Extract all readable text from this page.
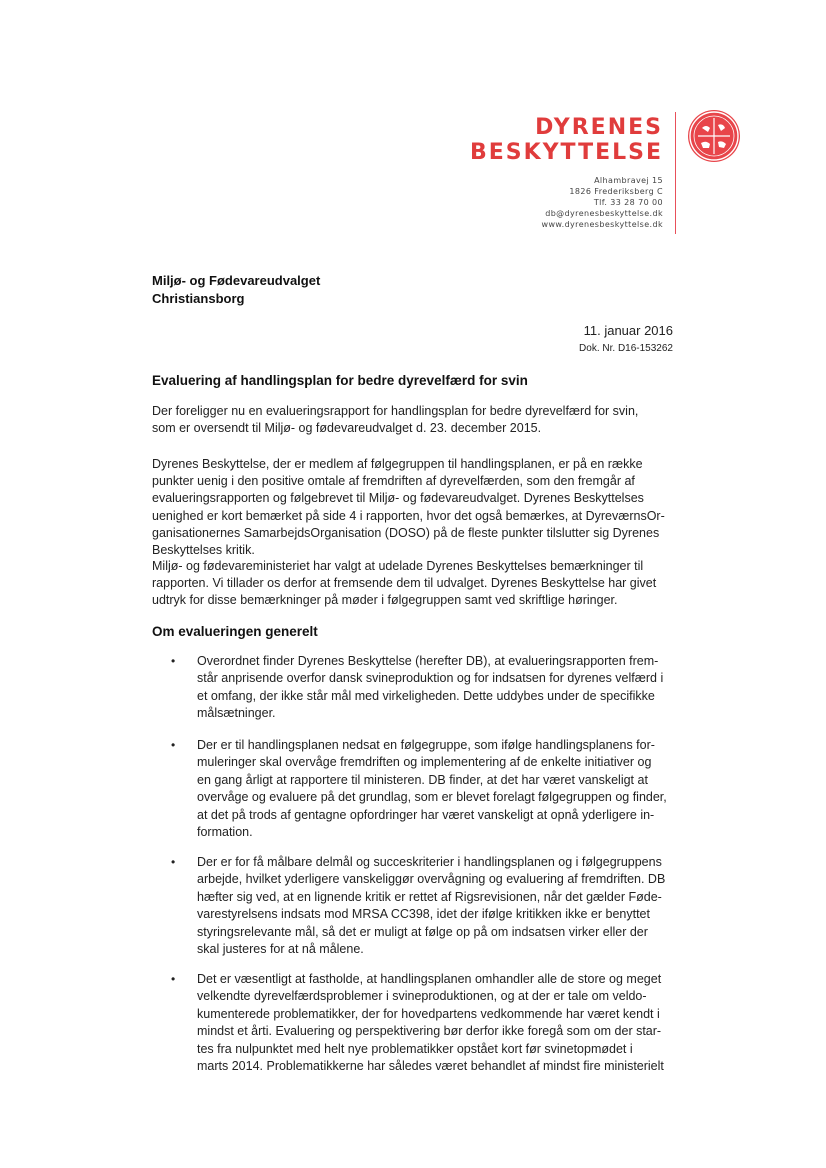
DYRENES
BESKYTTELSE
Alhambravej 15
1826 Frederiksberg C
Tlf. 33 28 70 00
db@dyrenesbeskyttelse.dk
www.dyrenesbeskyttelse.dk
Miljø- og Fødevareudvalget
Christiansborg
11. januar 2016
Dok. Nr. D16-153262
Evaluering af handlingsplan for bedre dyrevelfærd for svin
Der foreligger nu en evalueringsrapport for handlingsplan for bedre dyrevelfærd for svin,
som er oversendt til Miljø- og fødevareudvalget d. 23. december 2015.
Dyrenes Beskyttelse, der er medlem af følgegruppen til handlingsplanen, er på en række
punkter uenig i den positive omtale af fremdriften af dyrevelfærden, som den fremgår af
evalueringsrapporten og følgebrevet til Miljø- og fødevareudvalget. Dyrenes Beskyttelses
uenighed er kort bemærket på side 4 i rapporten, hvor det også bemærkes, at DyreværnsOr-
ganisationernes SamarbejdsOrganisation (DOSO) på de fleste punkter tilslutter sig Dyrenes
Beskyttelses kritik.
Miljø- og fødevareministeriet har valgt at udelade Dyrenes Beskyttelses bemærkninger til
rapporten. Vi tillader os derfor at fremsende dem til udvalget. Dyrenes Beskyttelse har givet
udtryk for disse bemærkninger på møder i følgegruppen samt ved skriftlige høringer.
Om evalueringen generelt
•	Overordnet finder Dyrenes Beskyttelse (herefter DB), at evalueringsrapporten frem-
står anprisende overfor dansk svineproduktion og for indsatsen for dyrenes velfærd i
et omfang, der ikke står mål med virkeligheden. Dette uddybes under de specifikke
målsætninger.
•	Der er til handlingsplanen nedsat en følgegruppe, som ifølge handlingsplanens for-
muleringer skal overvåge fremdriften og implementering af de enkelte initiativer og
en gang årligt at rapportere til ministeren. DB finder, at det har været vanskeligt at
overvåge og evaluere på det grundlag, som er blevet forelagt følgegruppen og finder,
at det på trods af gentagne opfordringer har været vanskeligt at opnå yderligere in-
formation.
•	Der er for få målbare delmål og succeskriterier i handlingsplanen og i følgegruppens
arbejde, hvilket yderligere vanskeliggør overvågning og evaluering af fremdriften. DB
hæfter sig ved, at en lignende kritik er rettet af Rigsrevisionen, når det gælder Føde-
varestyrelsens indsats mod MRSA CC398, idet der ifølge kritikken ikke er benyttet
styringsrelevante mål, så det er muligt at følge op på om indsatsen virker eller der
skal justeres for at nå målene.
•	Det er væsentligt at fastholde, at handlingsplanen omhandler alle de store og meget
velkendte dyrevelfærdsproblemer i svineproduktionen, og at der er tale om veldo-
kumenterede problematikker, der for hovedpartens vedkommende har været kendt i
mindst et årti. Evaluering og perspektivering bør derfor ikke foregå som om der star-
tes fra nulpunktet med helt nye problematikker opstået kort før svinetopmødet i
marts 2014. Problematikkerne har således været behandlet af mindst fire ministerielt
